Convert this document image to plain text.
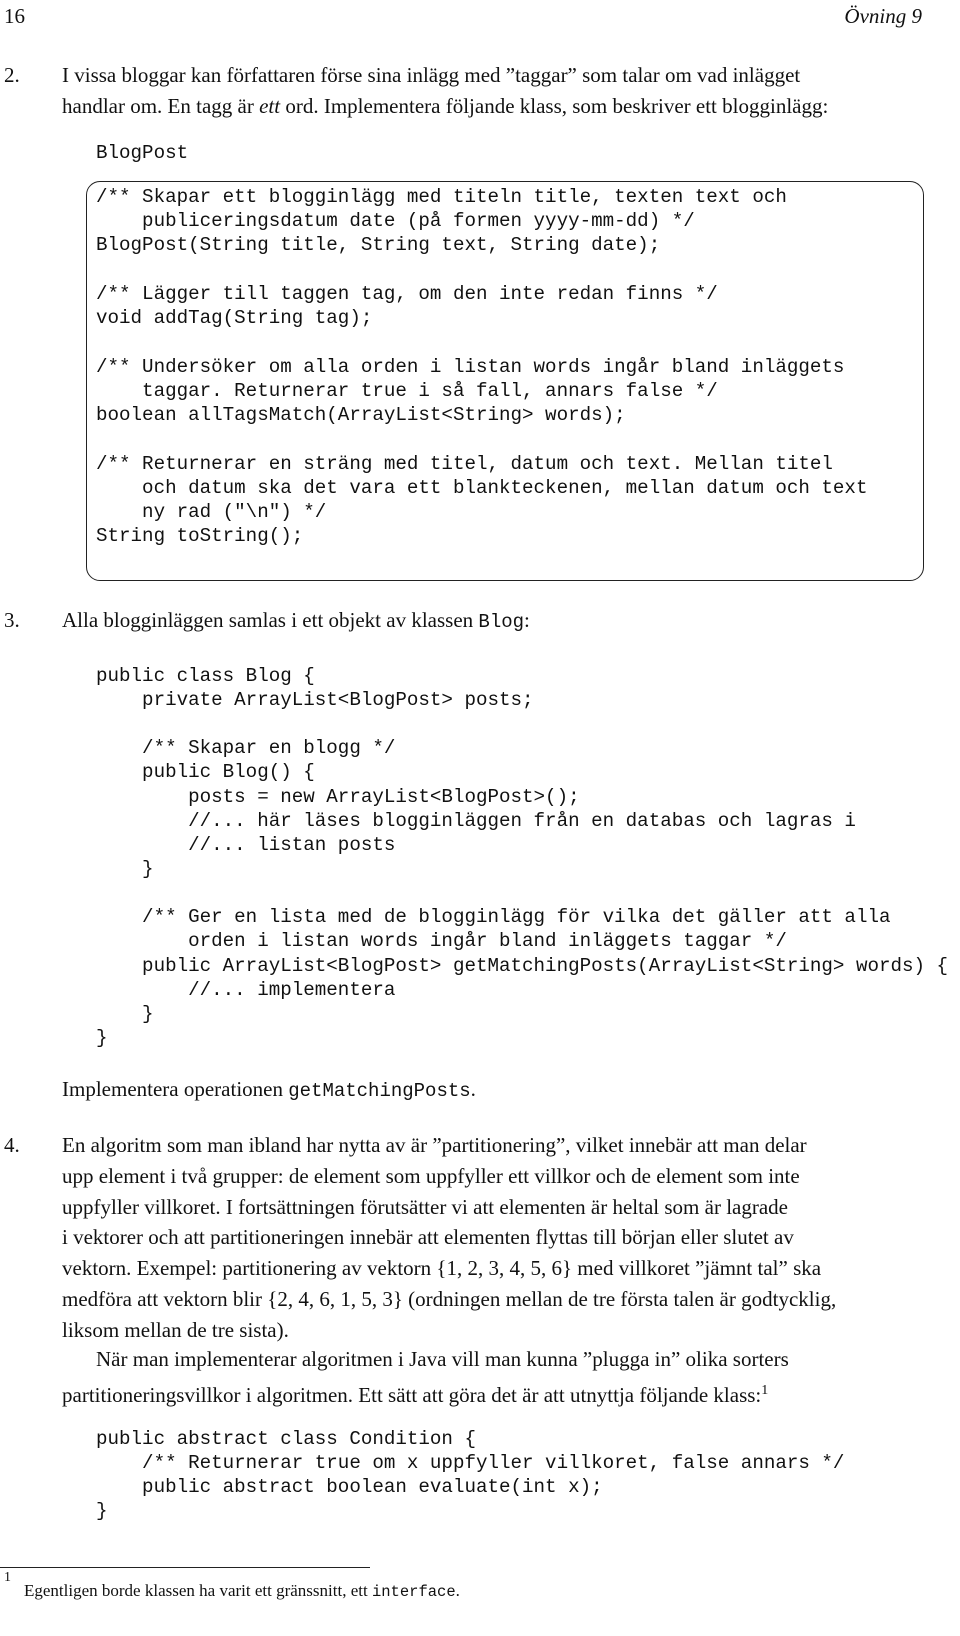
16	Övning 9
2. I vissa bloggar kan författaren förse sina inlägg med ”taggar” som talar om vad inlägget
handlar om. En tagg är ett ord. Implementera följande klass, som beskriver ett blogginlägg:
BlogPost
/** Skapar ett blogginlägg med titeln title, texten text och
publiceringsdatum date (på formen yyyy-mm-dd) */
BlogPost(String title, String text, String date);
/** Lägger till taggen tag, om den inte redan finns */
void addTag(String tag);
/** Undersöker om alla orden i listan words ingår bland inläggets
taggar. Returnerar true i så fall, annars false */
boolean allTagsMatch(ArrayList<String> words);
/** Returnerar en sträng med titel, datum och text. Mellan titel
och datum ska det vara ett blankteckenen, mellan datum och text
ny rad ("\n") */
String toString();
3. Alla blogginläggen samlas i ett objekt av klassen Blog:
public class Blog {
private ArrayList<BlogPost> posts;
/** Skapar en blogg */
public Blog() {
posts = new ArrayList<BlogPost>();
//... här läses blogginläggen från en databas och lagras i
//... listan posts
}
/** Ger en lista med de blogginlägg för vilka det gäller att alla
orden i listan words ingår bland inläggets taggar */
public ArrayList<BlogPost> getMatchingPosts(ArrayList<String> words) {
//... implementera
}
}
Implementera operationen getMatchingPosts.
4. En algoritm som man ibland har nytta av är ”partitionering”, vilket innebär att man delar
upp element i två grupper: de element som uppfyller ett villkor och de element som inte
uppfyller villkoret. I fortsättningen förutsätter vi att elementen är heltal som är lagrade
i vektorer och att partitioneringen innebär att elementen flyttas till början eller slutet av
vektorn. Exempel: partitionering av vektorn {1, 2, 3, 4, 5, 6} med villkoret ”jämnt tal” ska
medföra att vektorn blir {2, 4, 6, 1, 5, 3} (ordningen mellan de tre första talen är godtycklig,
liksom mellan de tre sista).
När man implementerar algoritmen i Java vill man kunna ”plugga in” olika sorters
partitioneringsvillkor i algoritmen. Ett sätt att göra det är att utnyttja följande klass:$^1$
public abstract class Condition {
/** Returnerar true om x uppfyller villkoret, false annars */
public abstract boolean evaluate(int x);
}
1
Egentligen borde klassen ha varit ett gränssnitt, ett interface.
